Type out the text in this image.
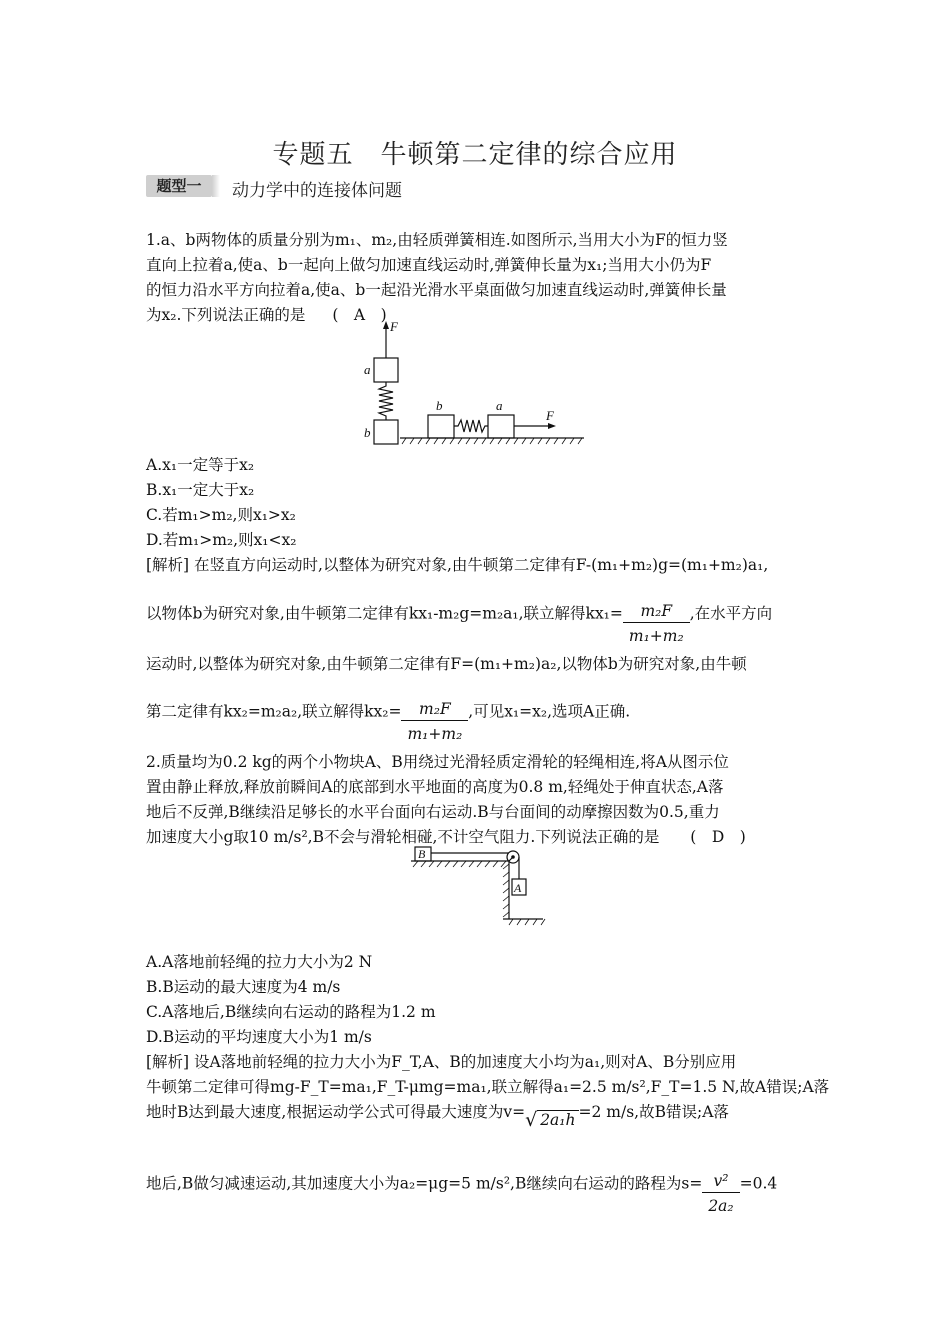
专题五　牛顿第二定律的综合应用
题型一	动力学中的连接体问题
1.a、b两物体的质量分别为m₁、m₂,由轻质弹簧相连.如图所示,当用大小为F的恒力竖
直向上拉着a,使a、b一起向上做匀加速直线运动时,弹簧伸长量为x₁;当用大小仍为F
的恒力沿水平方向拉着a,使a、b一起沿光滑水平桌面做匀加速直线运动时,弹簧伸长量
为x₂.下列说法正确的是 (　A　)
F
a
b
b	a
F
A.x₁一定等于x₂
B.x₁一定大于x₂
C.若m₁>m₂,则x₁>x₂
D.若m₁>m₂,则x₁<x₂
[解析] 在竖直方向运动时,以整体为研究对象,由牛顿第二定律有F-(m₁+m₂)g=(m₁+m₂)a₁,
以物体b为研究对象,由牛顿第二定律有kx₁-m₂g=m₂a₁,联立解得$kx_1= \frac{\text{m₂F}}{\text{m₁+m₂}}$ ,在水平方向
运动时,以整体为研究对象,由牛顿第二定律有F=(m₁+m₂)a₂,以物体b为研究对象,由牛顿
第二定律有kx₂=m₂a₂,联立解得$kx_2= \frac{\text{m₂F}}{\text{m₁+m₂}}$ ,可见x₁=x₂,选项A正确.
2.质量均为0.2 kg的两个小物块A、B用绕过光滑轻质定滑轮的轻绳相连,将A从图示位
置由静止释放,释放前瞬间A的底部到水平地面的高度为0.8 m,轻绳处于伸直状态,A落
地后不反弹,B继续沿足够长的水平台面向右运动.B与台面间的动摩擦因数为0.5,重力
加速度大小g取10 m/s²,B不会与滑轮相碰,不计空气阻力.下列说法正确的是 (　D　)
B
A
A.A落地前轻绳的拉力大小为2 N
B.B运动的最大速度为4 m/s
C.A落地后,B继续向右运动的路程为1.2 m
D.B运动的平均速度大小为1 m/s
[解析] 设A落地前轻绳的拉力大小为F_T,A、B的加速度大小均为a₁,则对A、B分别应用
牛顿第二定律可得mg-F_T=ma₁,F_T-μmg=ma₁,联立解得a₁=2.5 m/s²,F_T=1.5 N,故A错误;A落
地时B达到最大速度,根据运动学公式可得最大速度为v=√ 2a₁h =2 m/s,故B错误;A落
地后,B做匀减速运动,其加速度大小为a₂=μg=5 m/s²,B继续向右运动的路程为$s= \frac{\text{v²}}{\text{2a₂}} =0.4$
